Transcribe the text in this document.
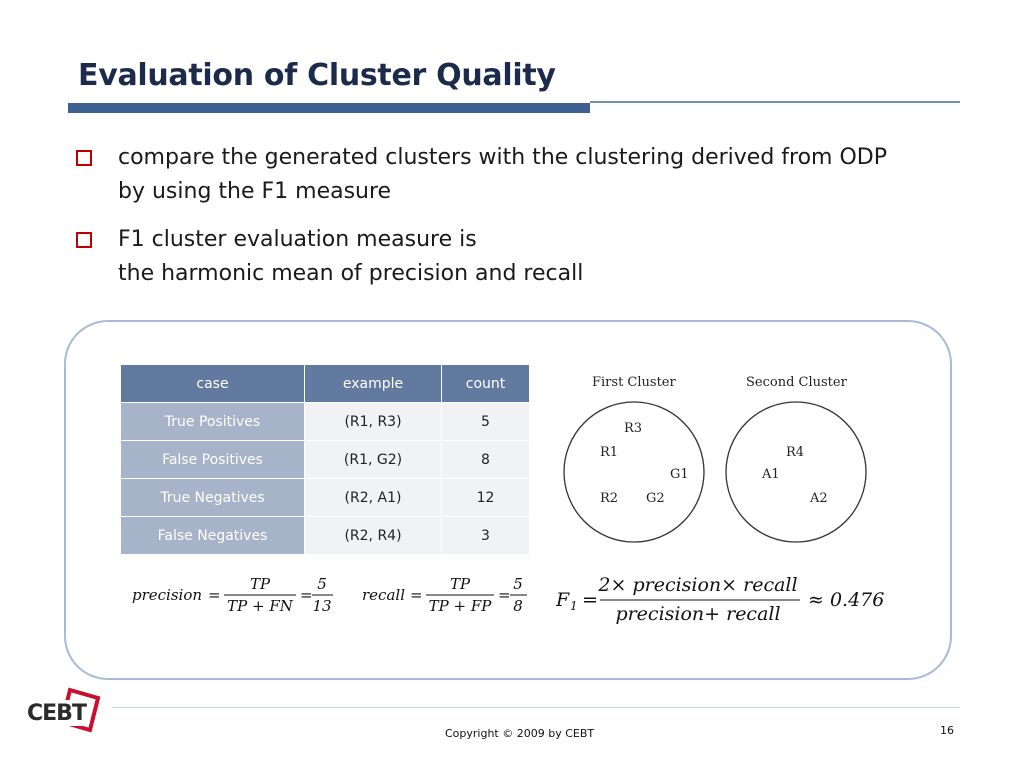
Evaluation of Cluster Quality
compare the generated clusters with the clustering derived from ODP
by using the F1 measure
F1 cluster evaluation measure is
the harmonic mean of precision and recall
case	example	count
True Positives	(R1, R3)	5
False Positives	(R1, G2)	8
True Negatives	(R2, A1)	12
False Negatives	(R2, R4)	3
First Cluster	Second Cluster
R3
R1
G1
R2 G2
R4
A1
A2
precision =
TP
TP + FN
=
5
13
recall =
TP
TP + FP
=
5
8 F 1 =
2× precision× recall
precision+ recall
≈ 0.476
CEBT
Copyright © 2009 by CEBT	16
